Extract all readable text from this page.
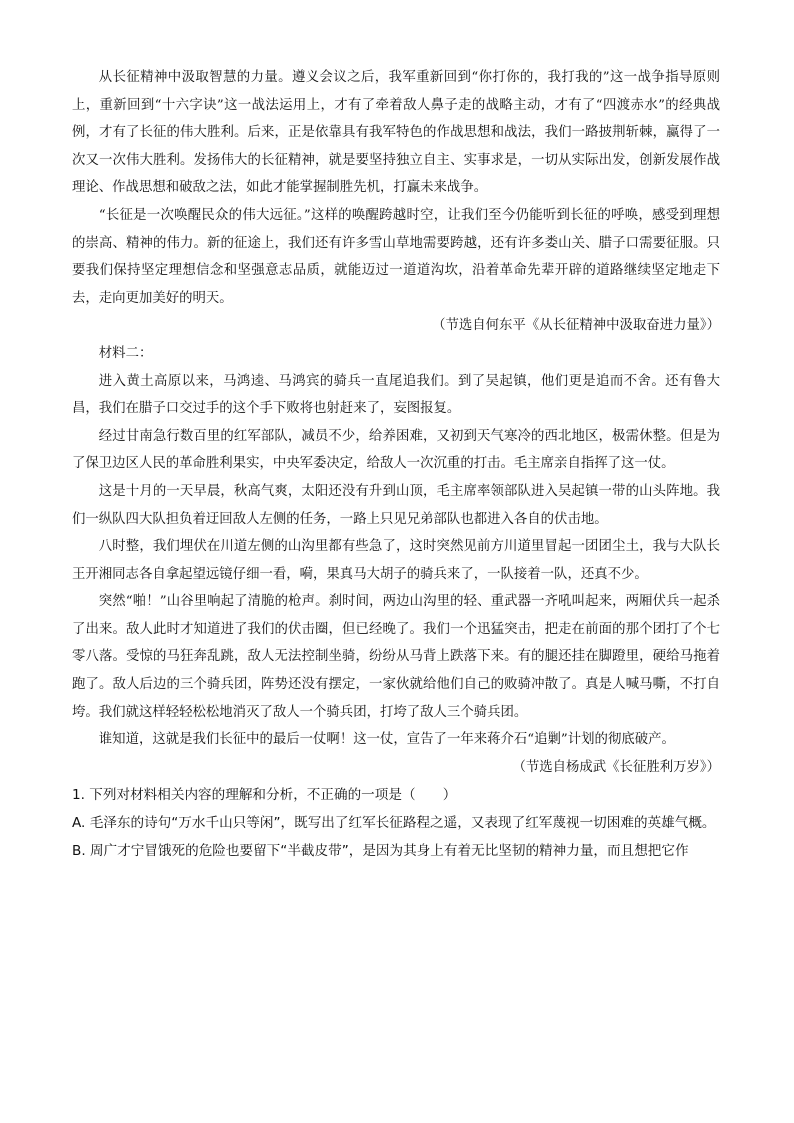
从长征精神中汲取智慧的力量。遵义会议之后，我军重新回到“你打你的，我打我的”这一战争指导原则上，重新回到“十六字诀”这一战法运用上，才有了牵着敌人鼻子走的战略主动，才有了“四渡赤水”的经典战例，才有了长征的伟大胜利。后来，正是依靠具有我军特色的作战思想和战法，我们一路披荆斩棘，赢得了一次又一次伟大胜利。发扬伟大的长征精神，就是要坚持独立自主、实事求是，一切从实际出发，创新发展作战理论、作战思想和破敌之法，如此才能掌握制胜先机，打赢未来战争。

“长征是一次唤醒民众的伟大远征。”这样的唤醒跨越时空，让我们至今仍能听到长征的呼唤，感受到理想的崇高、精神的伟力。新的征途上，我们还有许多雪山草地需要跨越，还有许多娄山关、腊子口需要征服。只要我们保持坚定理想信念和坚强意志品质，就能迈过一道道沟坎，沿着革命先辈开辟的道路继续坚定地走下去，走向更加美好的明天。

（节选自何东平《从长征精神中汲取奋进力量》）

材料二：

进入黄土高原以来，马鸿逵、马鸿宾的骑兵一直尾追我们。到了吴起镇，他们更是追而不舍。还有鲁大昌，我们在腊子口交过手的这个手下败将也射赶来了，妄图报复。

经过甘南急行数百里的红军部队，减员不少，给养困难，又初到天气寒冷的西北地区，极需休整。但是为了保卫边区人民的革命胜利果实，中央军委决定，给敌人一次沉重的打击。毛主席亲自指挥了这一仗。

这是十月的一天早晨，秋高气爽，太阳还没有升到山顶，毛主席率领部队进入吴起镇一带的山头阵地。我们一纵队四大队担负着迂回敌人左侧的任务，一路上只见兄弟部队也都进入各自的伏击地。

八时整，我们埋伏在川道左侧的山沟里都有些急了，这时突然见前方川道里冒起一团团尘土，我与大队长王开湘同志各自拿起望远镜仔细一看，嗬，果真马大胡子的骑兵来了，一队接着一队，还真不少。

突然“啪！”山谷里响起了清脆的枪声。刹时间，两边山沟里的轻、重武器一齐吼叫起来，两厢伏兵一起杀了出来。敌人此时才知道进了我们的伏击圈，但已经晚了。我们一个迅猛突击，把走在前面的那个团打了个七零八落。受惊的马狂奔乱跳，敌人无法控制坐骑，纷纷从马背上跌落下来。有的腿还挂在脚蹬里，硬给马拖着跑了。敌人后边的三个骑兵团，阵势还没有摆定，一家伙就给他们自己的败骑冲散了。真是人喊马嘶，不打自垮。我们就这样轻轻松松地消灭了敌人一个骑兵团，打垮了敌人三个骑兵团。

谁知道，这就是我们长征中的最后一仗啊！这一仗，宣告了一年来蒋介石“追剿”计划的彻底破产。

（节选自杨成武《长征胜利万岁》）

1. 下列对材料相关内容的理解和分析，不正确的一项是（　　）

A. 毛泽东的诗句“万水千山只等闲”，既写出了红军长征路程之遥，又表现了红军蔑视一切困难的英雄气概。

B. 周广才宁冒饿死的危险也要留下“半截皮带”，是因为其身上有着无比坚韧的精神力量，而且想把它作
